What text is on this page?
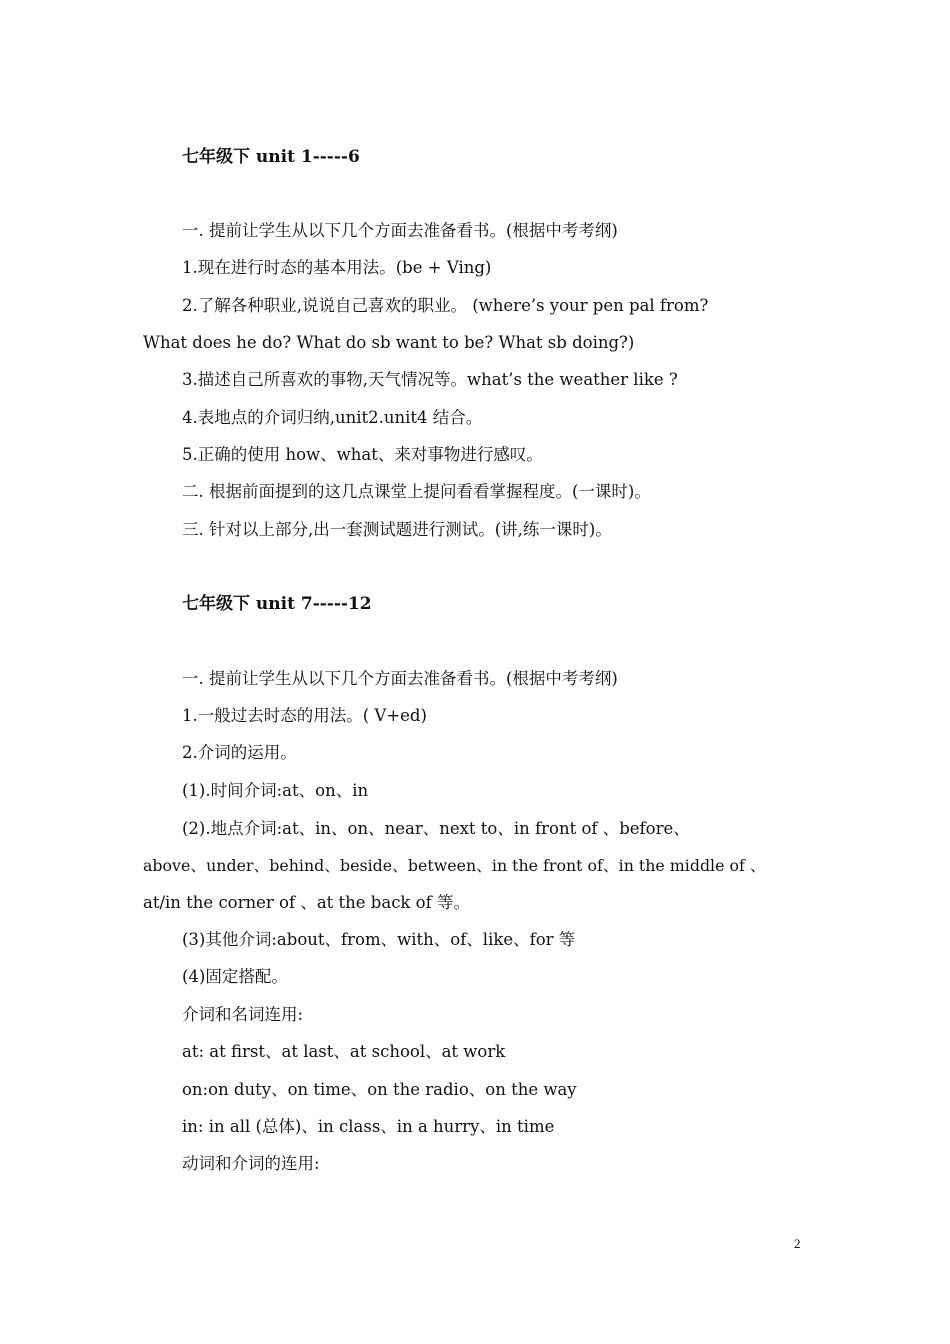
七年级下 unit 1-----6
一. 提前让学生从以下几个方面去准备看书。(根据中考考纲)
1.现在进行时态的基本用法。(be + Ving)
2.了解各种职业,说说自己喜欢的职业。 (where’s your pen pal from?
What does he do? What do sb want to be? What sb doing?)
3.描述自己所喜欢的事物,天气情况等。what’s the weather like ?
4.表地点的介词归纳,unit2.unit4 结合。
5.正确的使用 how、what、来对事物进行感叹。
二. 根据前面提到的这几点课堂上提问看看掌握程度。(一课时)。
三. 针对以上部分,出一套测试题进行测试。(讲,练一课时)。
七年级下 unit 7-----12
一. 提前让学生从以下几个方面去准备看书。(根据中考考纲)
1.一般过去时态的用法。( V+ed)
2.介词的运用。
(1).时间介词:at、on、in
(2).地点介词:at、in、on、near、next to、in front of 、before、
above、under、behind、beside、between、in the front of、in the middle of 、
at/in the corner of 、at the back of 等。
(3)其他介词:about、from、with、of、like、for 等
(4)固定搭配。
介词和名词连用:
at: at first、at last、at school、at work
on:on duty、on time、on the radio、on the way
in: in all (总体)、in class、in a hurry、in time
动词和介词的连用:
2
